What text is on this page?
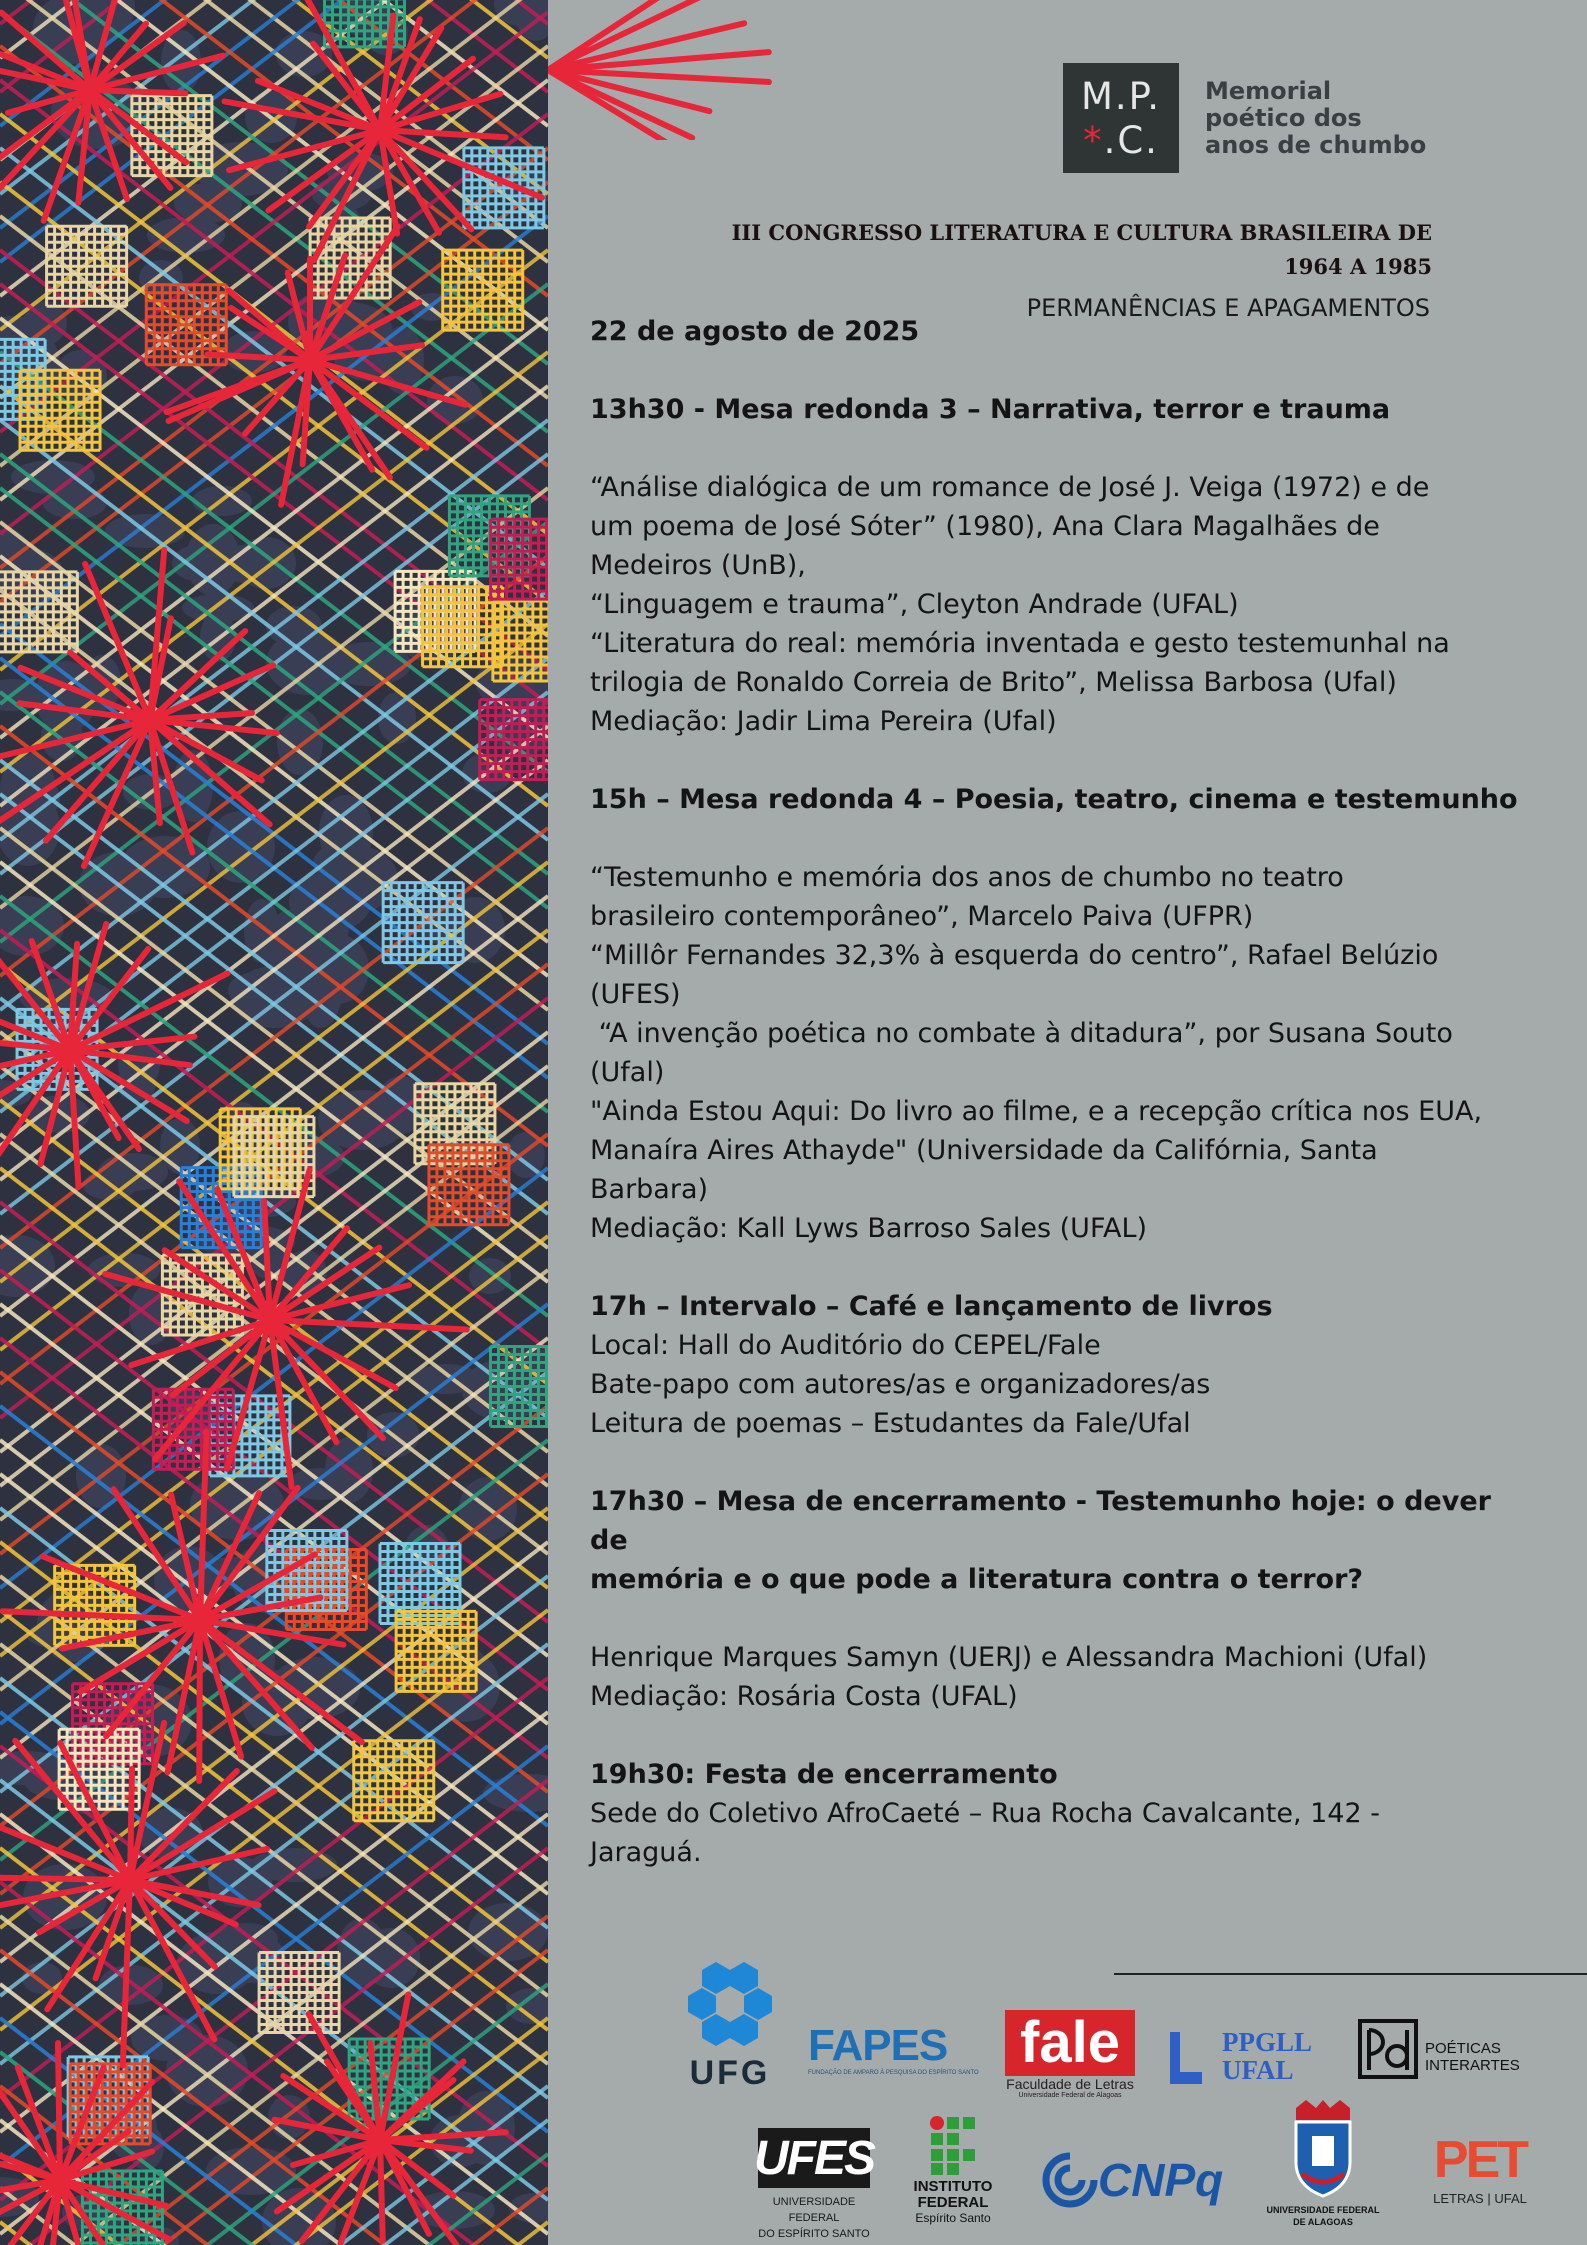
M.P.
*.C.
Memorial
poético dos
anos de chumbo
III CONGRESSO LITERATURA E CULTURA BRASILEIRA DE
1964 A 1985
PERMANÊNCIAS E APAGAMENTOS

22 de agosto de 2025

13h30 - Mesa redonda 3 – Narrativa, terror e trauma

“Análise dialógica de um romance de José J. Veiga (1972) e de

um poema de José Sóter” (1980), Ana Clara Magalhães de

Medeiros (UnB),

“Linguagem e trauma”, Cleyton Andrade (UFAL)

“Literatura do real: memória inventada e gesto testemunhal na

trilogia de Ronaldo Correia de Brito”, Melissa Barbosa (Ufal)

Mediação: Jadir Lima Pereira (Ufal)

15h – Mesa redonda 4 – Poesia, teatro, cinema e testemunho

“Testemunho e memória dos anos de chumbo no teatro

brasileiro contemporâneo”, Marcelo Paiva (UFPR)

“Millôr Fernandes 32,3% à esquerda do centro”, Rafael Belúzio

(UFES)

“A invenção poética no combate à ditadura”, por Susana Souto

(Ufal)

"Ainda Estou Aqui: Do livro ao filme, e a recepção crítica nos EUA,

Manaíra Aires Athayde" (Universidade da Califórnia, Santa

Barbara)

Mediação: Kall Lyws Barroso Sales (UFAL)

17h – Intervalo – Café e lançamento de livros

Local: Hall do Auditório do CEPEL/Fale

Bate-papo com autores/as e organizadores/as

Leitura de poemas – Estudantes da Fale/Ufal

17h30 – Mesa de encerramento - Testemunho hoje: o dever de
memória e o que pode a literatura contra o terror?

Henrique Marques Samyn (UERJ) e Alessandra Machioni (Ufal)

Mediação: Rosária Costa (UFAL)

19h30: Festa de encerramento

Sede do Coletivo AfroCaeté – Rua Rocha Cavalcante, 142 -

Jaraguá.

UFG
FAPES
FUNDAÇÃO DE AMPARO À PESQUISA DO ESPÍRITO SANTO fale
Faculdade de Letras
Universidade Federal de Alagoas
PPGLL
UFAL
POÉTICAS
INTERARTES
UFES
UNIVERSIDADE FEDERAL
DO ESPÍRITO SANTO
INSTITUTO
FEDERAL
Espírito Santo
CNPq
UNIVERSIDADE FEDERAL
DE ALAGOAS
PET
LETRAS | UFAL
